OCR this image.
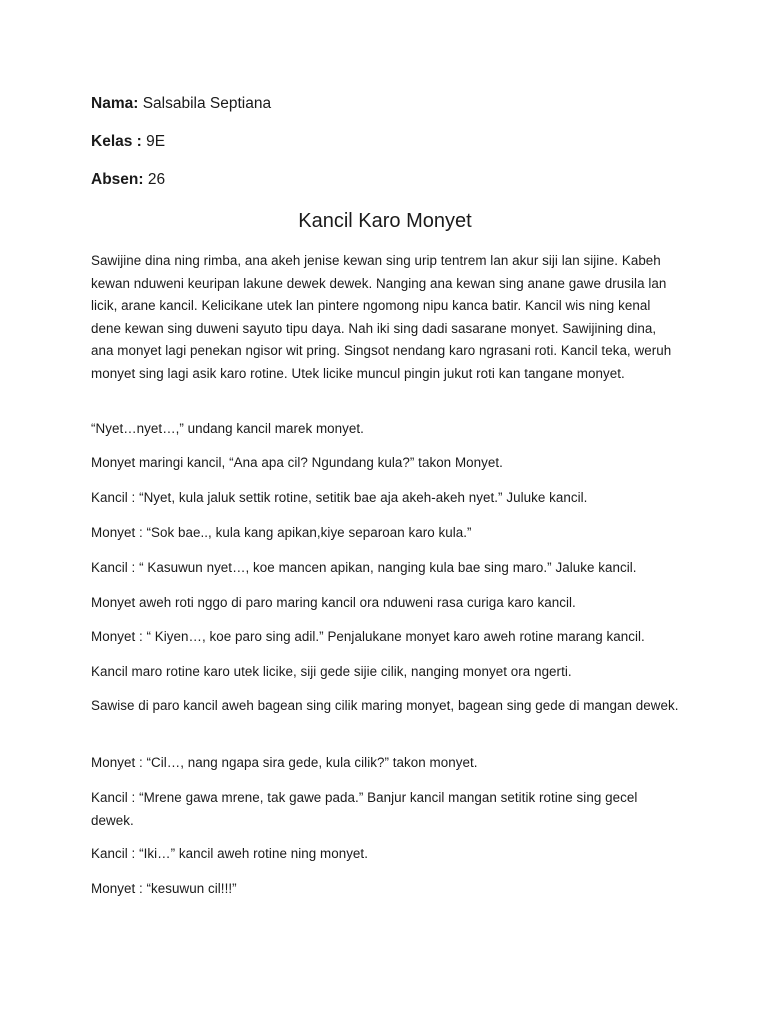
Nama: Salsabila Septiana
Kelas : 9E
Absen: 26
Kancil Karo Monyet

Sawijine dina ning rimba, ana akeh jenise kewan sing urip tentrem lan akur siji lan sijine. Kabeh kewan nduweni keuripan lakune dewek dewek. Nanging ana kewan sing anane gawe drusila lan licik, arane kancil. Kelicikane utek lan pintere ngomong nipu kanca batir. Kancil wis ning kenal dene kewan sing duweni sayuto tipu daya. Nah iki sing dadi sasarane monyet. Sawijining dina, ana monyet lagi penekan ngisor wit pring. Singsot nendang karo ngrasani roti. Kancil teka, weruh monyet sing lagi asik karo rotine. Utek licike muncul pingin jukut roti kan tangane monyet.

“Nyet…nyet…,” undang kancil marek monyet.

Monyet maringi kancil, “Ana apa cil? Ngundang kula?” takon Monyet.

Kancil : “Nyet, kula jaluk settik rotine, setitik bae aja akeh-akeh nyet.” Juluke kancil.

Monyet : “Sok bae.., kula kang apikan,kiye separoan karo kula.”

Kancil : “ Kasuwun nyet…, koe mancen apikan, nanging kula bae sing maro.” Jaluke kancil.

Monyet aweh roti nggo di paro maring kancil ora nduweni rasa curiga karo kancil.

Monyet : “ Kiyen…, koe paro sing adil.” Penjalukane monyet karo aweh rotine marang kancil.

Kancil maro rotine karo utek licike, siji gede sijie cilik, nanging monyet ora ngerti.

Sawise di paro kancil aweh bagean sing cilik maring monyet, bagean sing gede di mangan dewek.

Monyet : “Cil…, nang ngapa sira gede, kula cilik?” takon monyet.

Kancil : “Mrene gawa mrene, tak gawe pada.” Banjur kancil mangan setitik rotine sing gecel dewek.

Kancil : “Iki…” kancil aweh rotine ning monyet.

Monyet : “kesuwun cil!!!”
